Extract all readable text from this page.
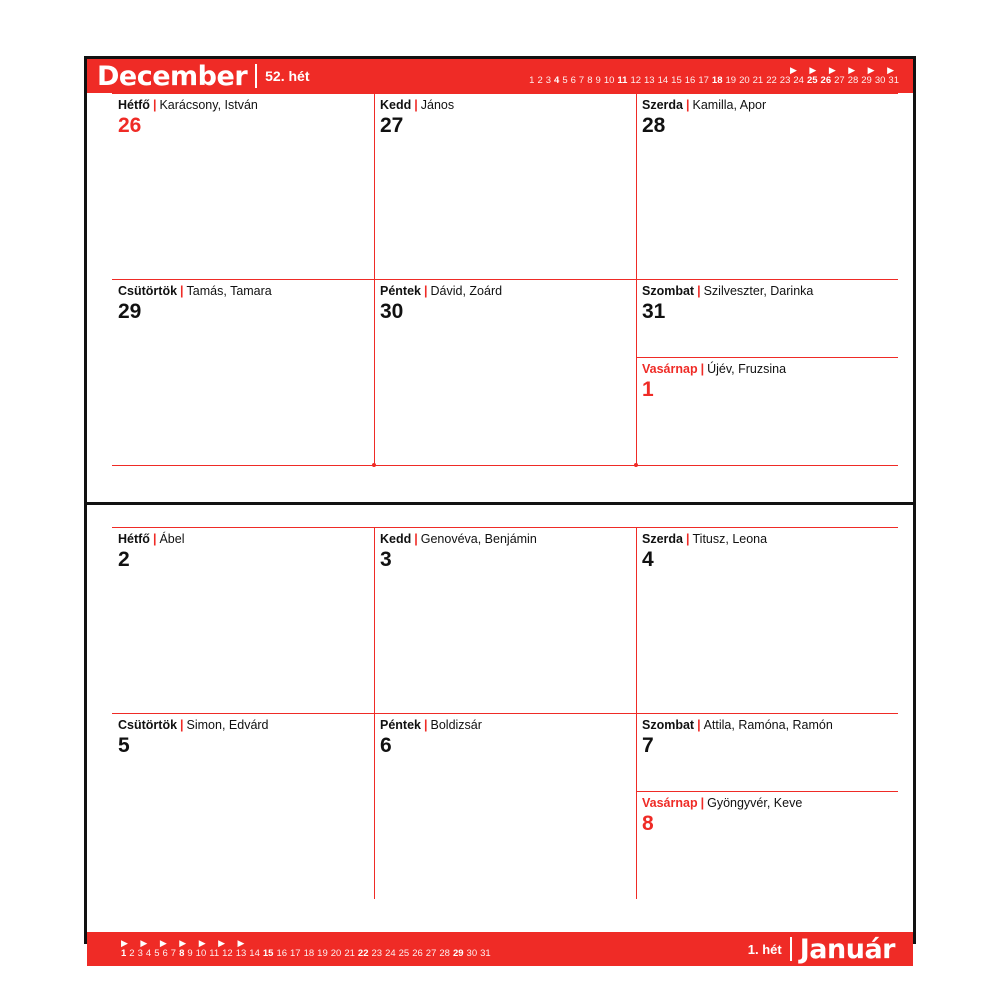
December	52. hét	▶ ▶ ▶ ▶ ▶ ▶
1 2 3 4 5 6 7 8 9 10 11 12 13 14 15 16 17 18 19 20 21 22 23 24 25 26 27 28 29 30 31
Hétfő | Karácsony, István
26
Csütörtök | Tamás, Tamara
29
Kedd | János
27
Péntek | Dávid, Zoárd
30
Szerda | Kamilla, Apor
28
Szombat | Szilveszter, Darinka
31
Vasárnap | Újév, Fruzsina
1
Hétfő | Ábel
2
Csütörtök | Simon, Edvárd
5
Kedd | Genovéva, Benjámin
3
Péntek | Boldizsár
6
Szerda | Titusz, Leona
4
Szombat | Attila, Ramóna, Ramón
7
Vasárnap | Gyöngyvér, Keve
8
▶ ▶ ▶ ▶ ▶ ▶ ▶
1 2 3 4 5 6 7 8 9 10 11 12 13 14 15 16 17 18 19 20 21 22 23 24 25 26 27 28 29 30 31	1. hét Január
